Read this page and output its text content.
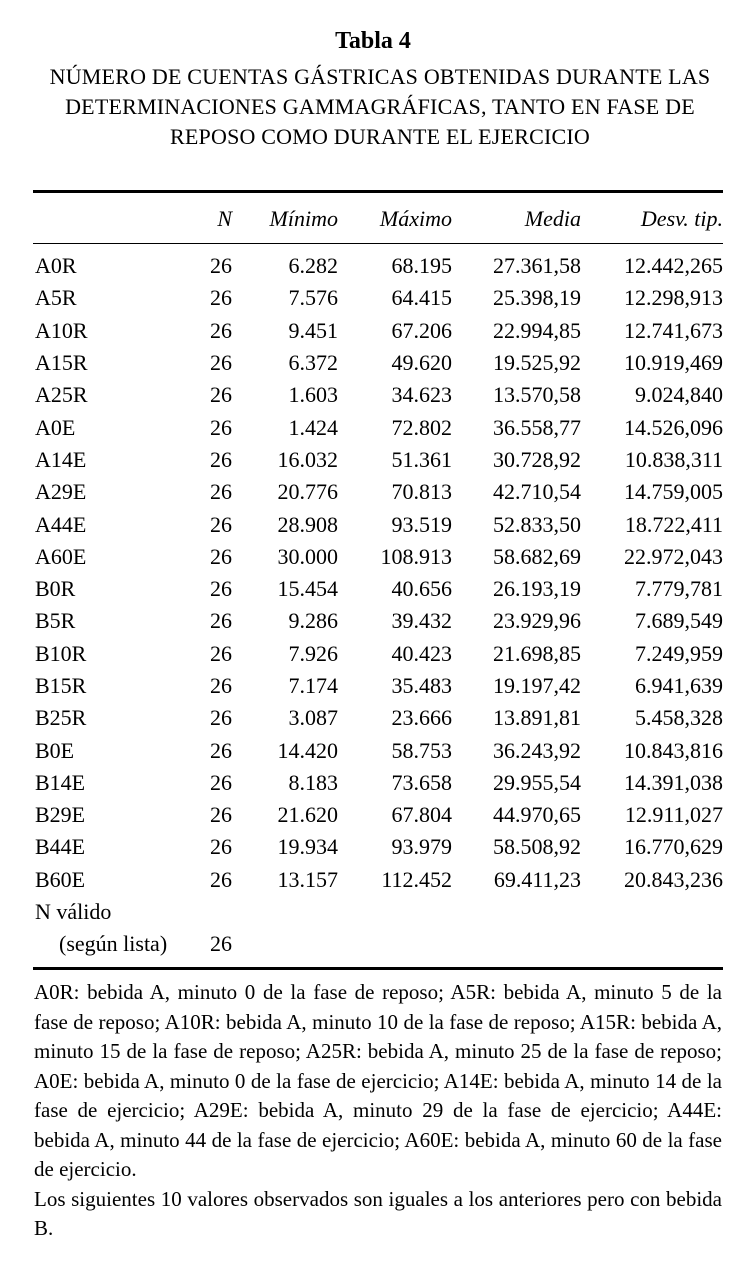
Tabla 4
NÚMERO DE CUENTAS GÁSTRICAS OBTENIDAS DURANTE LAS DETERMINACIONES GAMMAGRÁFICAS, TANTO EN FASE DE REPOSO COMO DURANTE EL EJERCICIO
	N	Mínimo	Máximo	Media	Desv. tip.
A0R	26	6.282	68.195	27.361,58	12.442,265
A5R	26	7.576	64.415	25.398,19	12.298,913
A10R	26	9.451	67.206	22.994,85	12.741,673
A15R	26	6.372	49.620	19.525,92	10.919,469
A25R	26	1.603	34.623	13.570,58	9.024,840
A0E	26	1.424	72.802	36.558,77	14.526,096
A14E	26	16.032	51.361	30.728,92	10.838,311
A29E	26	20.776	70.813	42.710,54	14.759,005
A44E	26	28.908	93.519	52.833,50	18.722,411
A60E	26	30.000	108.913	58.682,69	22.972,043
B0R	26	15.454	40.656	26.193,19	7.779,781
B5R	26	9.286	39.432	23.929,96	7.689,549
B10R	26	7.926	40.423	21.698,85	7.249,959
B15R	26	7.174	35.483	19.197,42	6.941,639
B25R	26	3.087	23.666	13.891,81	5.458,328
B0E	26	14.420	58.753	36.243,92	10.843,816
B14E	26	8.183	73.658	29.955,54	14.391,038
B29E	26	21.620	67.804	44.970,65	12.911,027
B44E	26	19.934	93.979	58.508,92	16.770,629
B60E	26	13.157	112.452	69.411,23	20.843,236
N válido					
(según lista)	26				

A0R: bebida A, minuto 0 de la fase de reposo; A5R: bebida A, minuto 5 de la fase de reposo; A10R: bebida A, minuto 10 de la fase de reposo; A15R: bebida A, minuto 15 de la fase de reposo; A25R: bebida A, minuto 25 de la fase de reposo; A0E: bebida A, minuto 0 de la fase de ejercicio; A14E: bebida A, minuto 14 de la fase de ejercicio; A29E: bebida A, minuto 29 de la fase de ejercicio; A44E: bebida A, minuto 44 de la fase de ejercicio; A60E: bebida A, minuto 60 de la fase de ejercicio.

Los siguientes 10 valores observados son iguales a los anteriores pero con bebida B.
